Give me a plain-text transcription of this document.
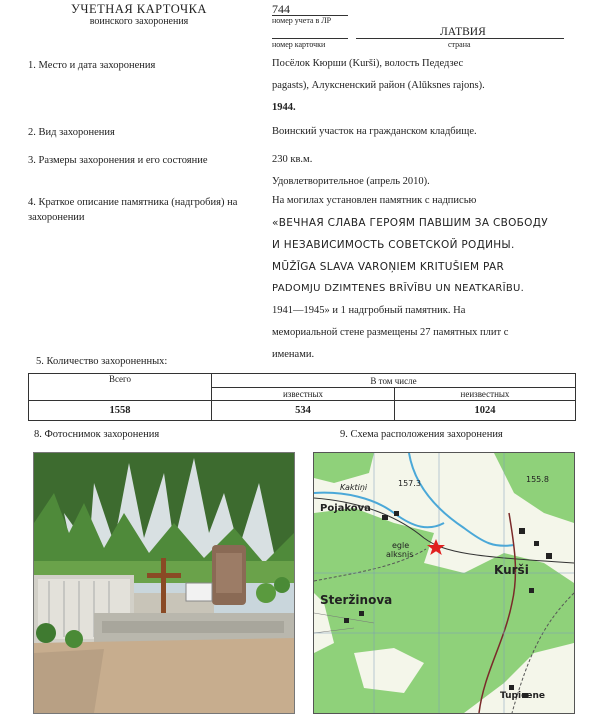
УЧЕТНАЯ КАРТОЧКА
воинского захоронения
744
номер учета в ЛР
номер карточки
ЛАТВИЯ
страна
1. Место и дата захоронения	Посёлок Кюрши (Kurši), волость Педедзес
pagasts), Алуксненский район (Alūksnes rajons).
1944.
2. Вид захоронения	Воинский участок на гражданском кладбище.
3. Размеры захоронения и его состояние	230 кв.м.
Удовлетворительное (апрель 2010).
4. Краткое описание памятника (надгробия) на захоронении
На могилах установлен памятник с надписью
«ВЕЧНАЯ СЛАВА ГЕРОЯМ ПАВШИМ ЗА СВОБОДУ
И НЕЗАВИСИМОСТЬ СОВЕТСКОЙ РОДИНЫ.
MŪŽĪGA SLAVA VAROŅIEM KRITUŠIEM PAR
PADOMJU DZIMTENES BRĪVĪBU UN NEATKARĪBU.
1941—1945» и 1 надгробный памятник. На
мемориальной стене размещены 27 памятных плит с
именами.
5. Количество захороненных:
Всего	В том числе	
	известных	неизвестных
1558	534	1024
8. Фотоснимок захоронения	9. Схема расположения захоронения
Kaktiņi	157.3	155.8
Pojakova
egle
alksnis
Kurši
Steržinova
Tupicene
